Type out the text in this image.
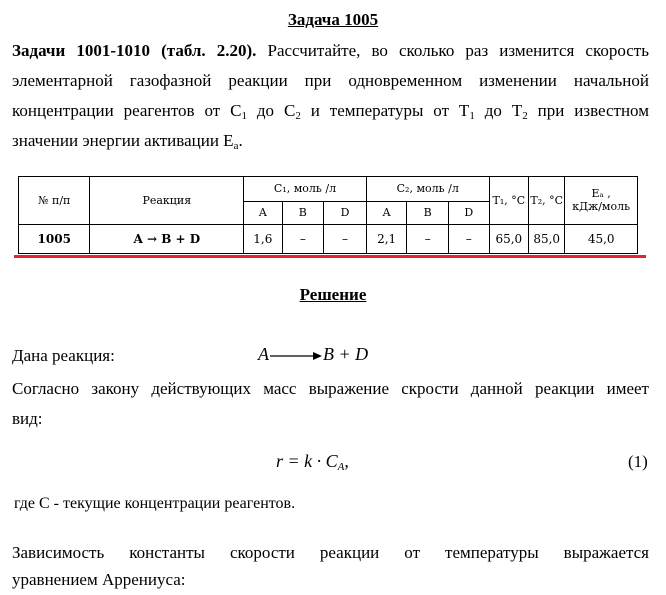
Задача 1005
Задачи 1001-1010 (табл. 2.20). Рассчитайте, во сколько раз изменится скорость
элементарной газофазной реакции при одновременном изменении начальной
концентрации реагентов от $C_1$ до $C_2$ и температуры от $T_1$ до $T_2$ при известном
значении энергии активации $E_a$.
№ п/п	Реакция	C₁, моль /л			C₂, моль /л			T₁, °C	T₂, °C	Eₐ ,
кДж/моль

		A	B	D	A	B	D			
1005	A → B + D	1,6	–	–	2,1	–	–	65,0	85,0	45,0
Решение
Дана реакция:	A	B + D
Согласно закону действующих масс выражение скрости данной реакции имеет
вид:
$r = k \cdot C_A$,	(1)
где C - текущие концентрации реагентов.
Зависимость константы скорости реакции от температуры выражается
уравнением Аррениуса:
